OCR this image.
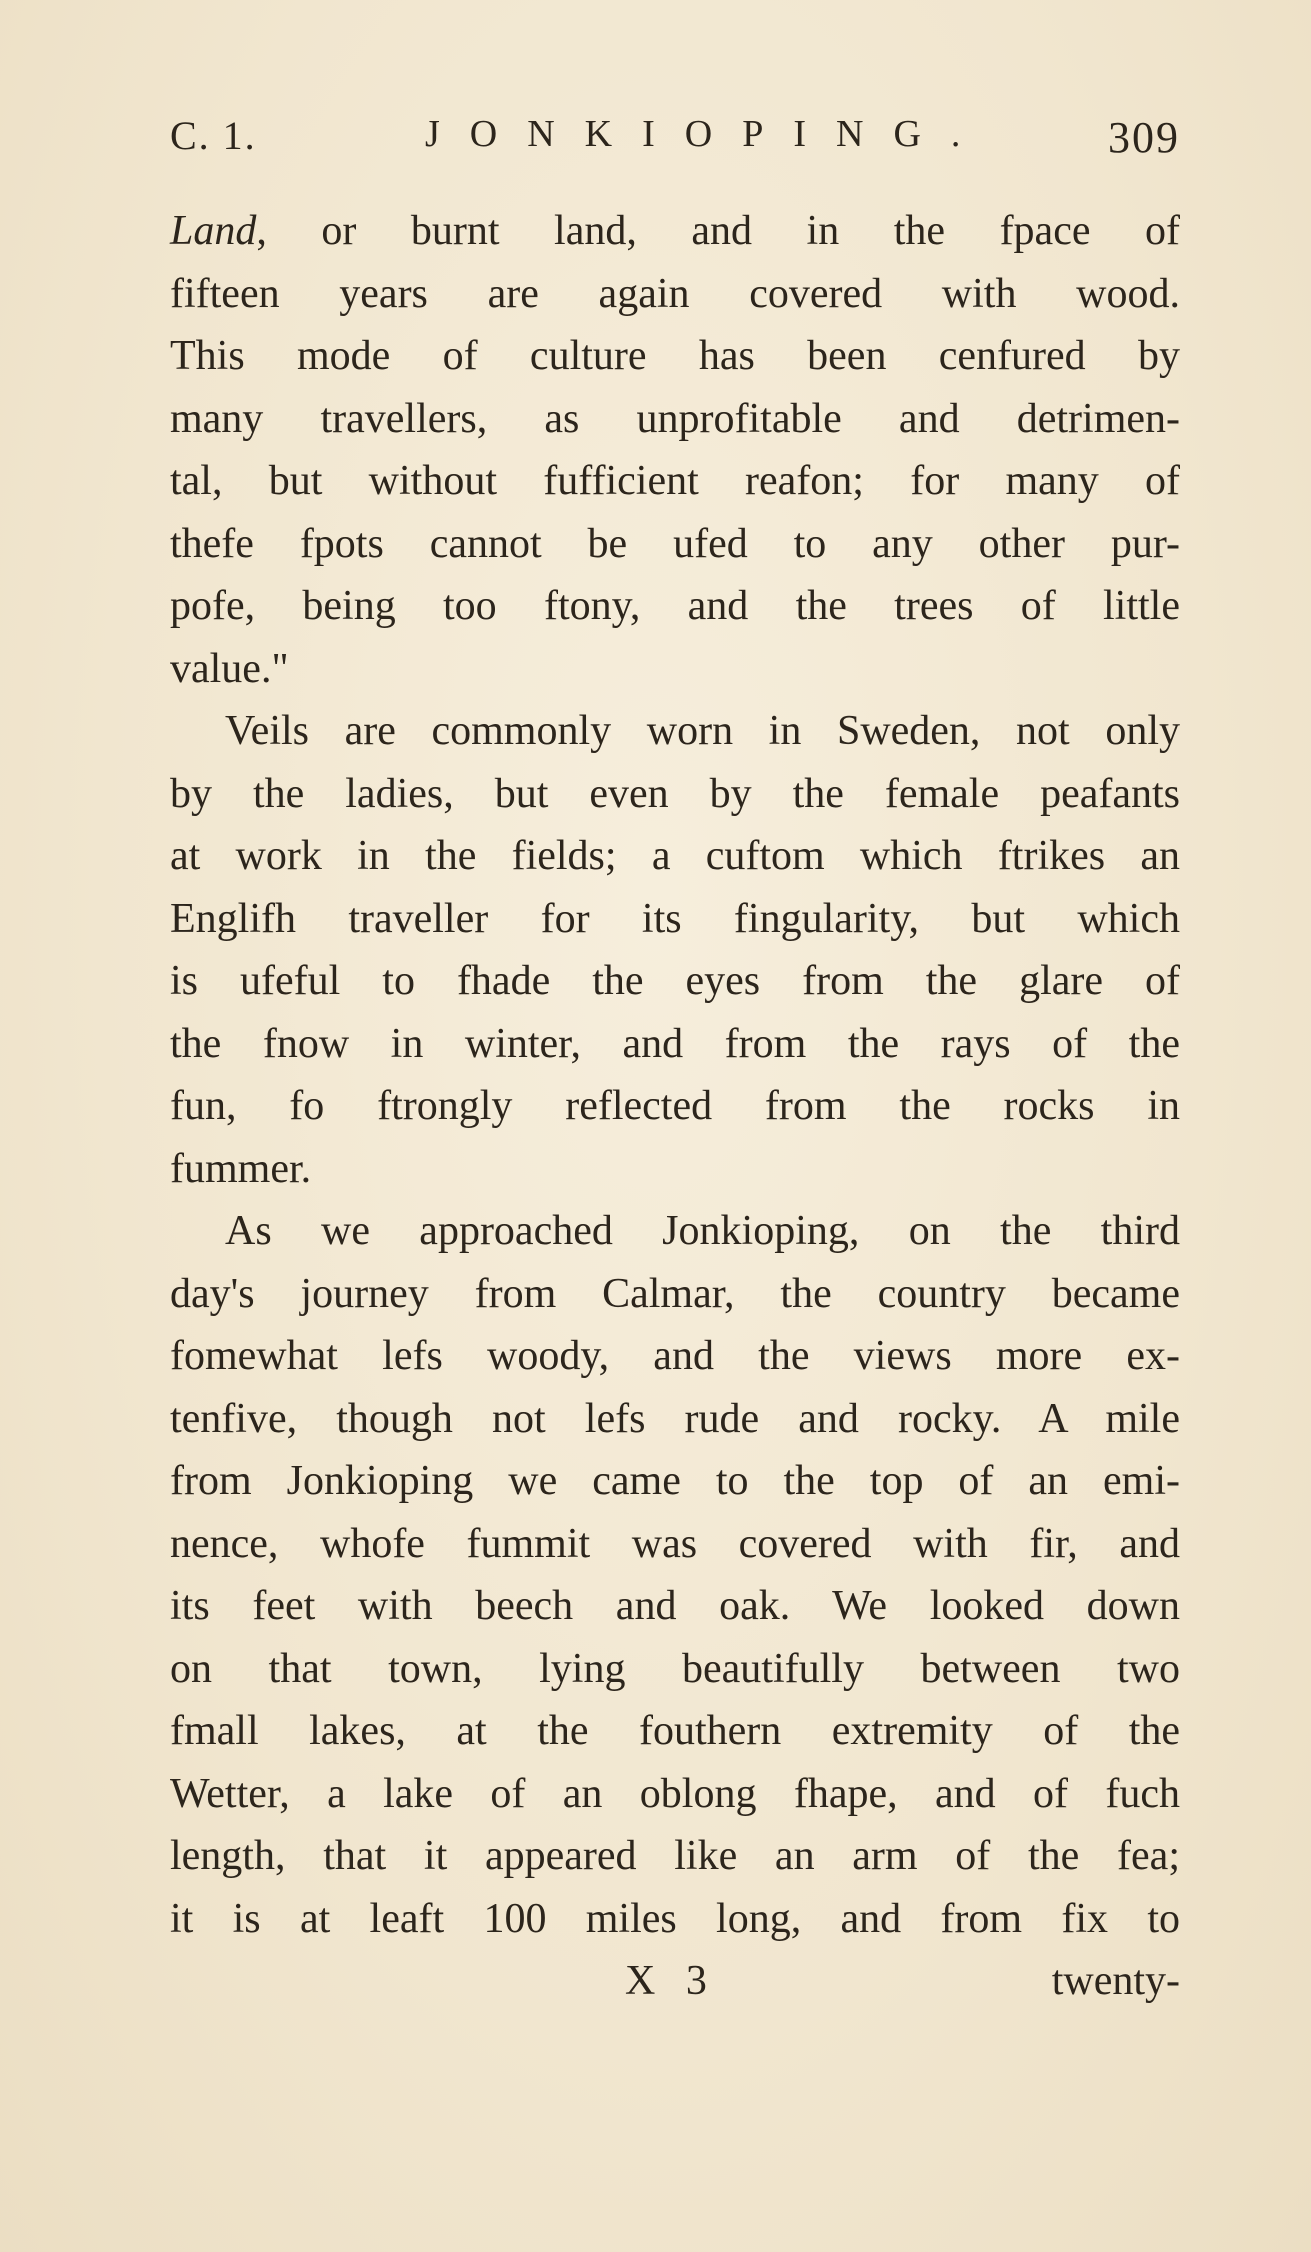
C. 1.	JONKIOPING.	309
Land, or burnt land, and in the fpace of
fifteen years are again covered with wood.
This mode of culture has been cenfured by
many travellers, as unprofitable and detrimen-
tal, but without fufficient reafon; for many of
thefe fpots cannot be ufed to any other pur-
pofe, being too ftony, and the trees of little
value."
Veils are commonly worn in Sweden, not only
by the ladies, but even by the female peafants
at work in the fields; a cuftom which ftrikes an
Englifh traveller for its fingularity, but which
is ufeful to fhade the eyes from the glare of
the fnow in winter, and from the rays of the
fun, fo ftrongly reflected from the rocks in
fummer.
As we approached Jonkioping, on the third
day's journey from Calmar, the country became
fomewhat lefs woody, and the views more ex-
tenfive, though not lefs rude and rocky. A mile
from Jonkioping we came to the top of an emi-
nence, whofe fummit was covered with fir, and
its feet with beech and oak. We looked down
on that town, lying beautifully between two
fmall lakes, at the fouthern extremity of the
Wetter, a lake of an oblong fhape, and of fuch
length, that it appeared like an arm of the fea;
it is at leaft 100 miles long, and from fix to
X 3	twenty-
